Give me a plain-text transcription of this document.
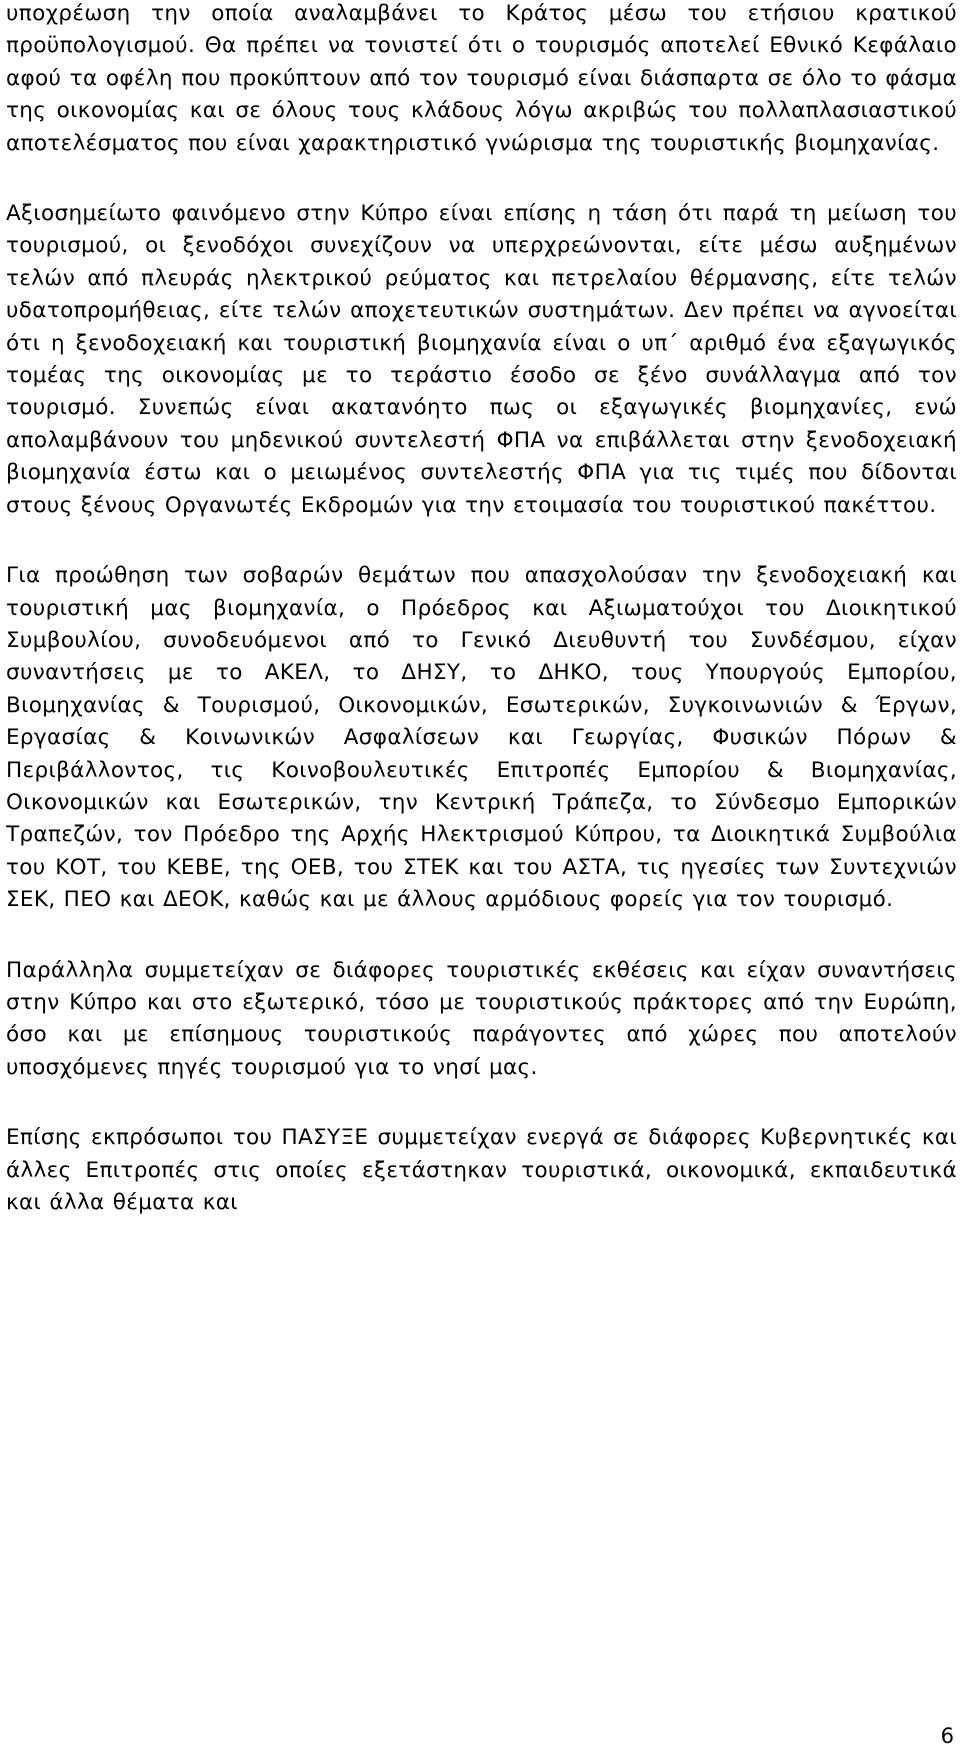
υποχρέωση την οποία αναλαμβάνει το Κράτος μέσω του ετήσιου κρατικού προϋπολογισμού. Θα πρέπει να τονιστεί ότι ο τουρισμός αποτελεί Εθνικό Κεφάλαιο αφού τα οφέλη που προκύπτουν από τον τουρισμό είναι διάσπαρτα σε όλο το φάσμα της οικονομίας και σε όλους τους κλάδους λόγω ακριβώς του πολλαπλασιαστικού αποτελέσματος που είναι χαρακτηριστικό γνώρισμα της τουριστικής βιομηχανίας.

Αξιοσημείωτο φαινόμενο στην Κύπρο είναι επίσης η τάση ότι παρά τη μείωση του τουρισμού, οι ξενοδόχοι συνεχίζουν να υπερχρεώνονται, είτε μέσω αυξημένων τελών από πλευράς ηλεκτρικού ρεύματος και πετρελαίου θέρμανσης, είτε τελών υδατοπρομήθειας, είτε τελών αποχετευτικών συστημάτων. Δεν πρέπει να αγνοείται ότι η ξενοδοχειακή και τουριστική βιομηχανία είναι ο υπ΄ αριθμό ένα εξαγωγικός τομέας της οικονομίας με το τεράστιο έσοδο σε ξένο συνάλλαγμα από τον τουρισμό. Συνεπώς είναι ακατανόητο πως οι εξαγωγικές βιομηχανίες, ενώ απολαμβάνουν του μηδενικού συντελεστή ΦΠΑ να επιβάλλεται στην ξενοδοχειακή βιομηχανία έστω και ο μειωμένος συντελεστής ΦΠΑ για τις τιμές που δίδονται στους ξένους Οργανωτές Εκδρομών για την ετοιμασία του τουριστικού πακέττου.

Για προώθηση των σοβαρών θεμάτων που απασχολούσαν την ξενοδοχειακή και τουριστική μας βιομηχανία, ο Πρόεδρος και Αξιωματούχοι του Διοικητικού Συμβουλίου, συνοδευόμενοι από το Γενικό Διευθυντή του Συνδέσμου, είχαν συναντήσεις με το ΑΚΕΛ, το ΔΗΣΥ, το ΔΗΚΟ, τους Υπουργούς Εμπορίου, Βιομηχανίας & Τουρισμού, Οικονομικών, Εσωτερικών, Συγκοινωνιών & Έργων, Εργασίας & Κοινωνικών Ασφαλίσεων και Γεωργίας, Φυσικών Πόρων & Περιβάλλοντος, τις Κοινοβουλευτικές Επιτροπές Εμπορίου & Βιομηχανίας, Οικονομικών και Εσωτερικών, την Κεντρική Τράπεζα, το Σύνδεσμο Εμπορικών Τραπεζών, τον Πρόεδρο της Αρχής Ηλεκτρισμού Κύπρου, τα Διοικητικά Συμβούλια του ΚΟΤ, του ΚΕΒΕ, της ΟΕΒ, του ΣΤΕΚ και του ΑΣΤΑ, τις ηγεσίες των Συντεχνιών ΣΕΚ, ΠΕΟ και ΔΕΟΚ, καθώς και με άλλους αρμόδιους φορείς για τον τουρισμό.

Παράλληλα συμμετείχαν σε διάφορες τουριστικές εκθέσεις και είχαν συναντήσεις στην Κύπρο και στο εξωτερικό, τόσο με τουριστικούς πράκτορες από την Ευρώπη, όσο και με επίσημους τουριστικούς παράγοντες από χώρες που αποτελούν υποσχόμενες πηγές τουρισμού για το νησί μας.

Επίσης εκπρόσωποι του ΠΑΣΥΞΕ συμμετείχαν ενεργά σε διάφορες Κυβερνητικές και άλλες Επιτροπές στις οποίες εξετάστηκαν τουριστικά, οικονομικά, εκπαιδευτικά και άλλα θέματα και

6
